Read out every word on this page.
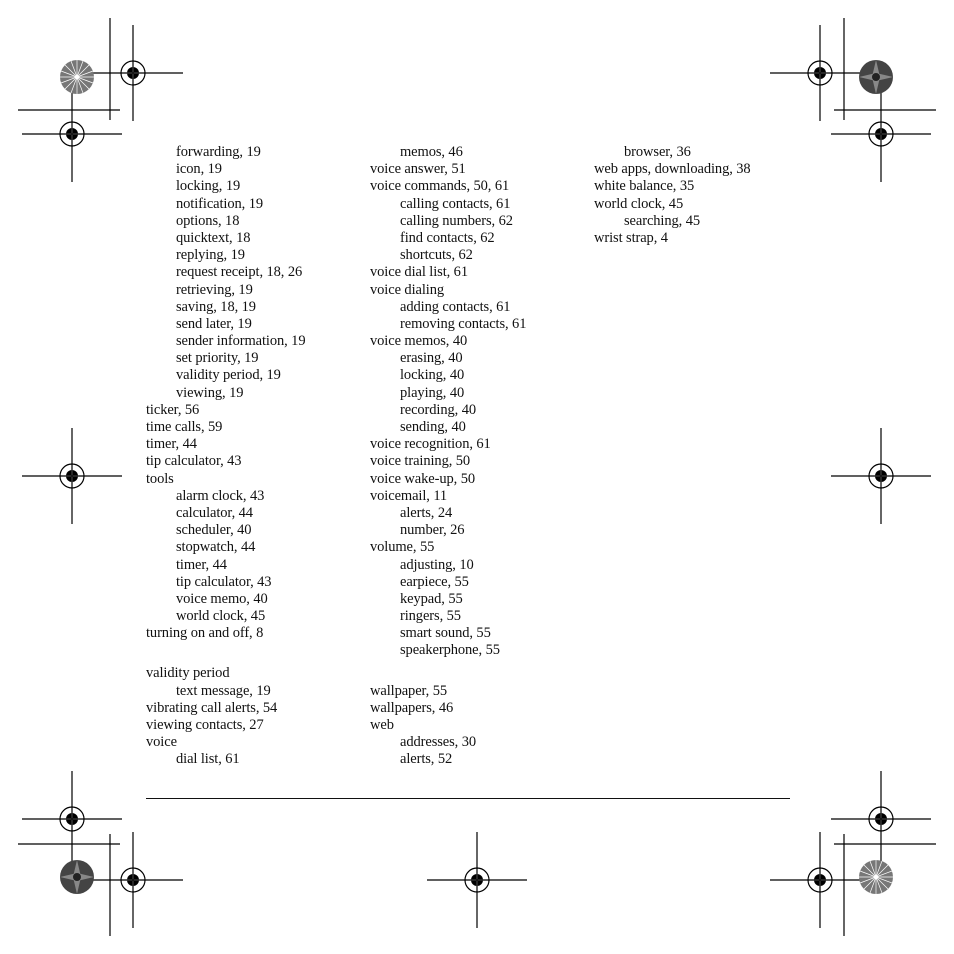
forwarding, 19
icon, 19
locking, 19
notification, 19
options, 18
quicktext, 18
replying, 19
request receipt, 18, 26
retrieving, 19
saving, 18, 19
send later, 19
sender information, 19
set priority, 19
validity period, 19
viewing, 19
ticker, 56
time calls, 59
timer, 44
tip calculator, 43
tools
alarm clock, 43
calculator, 44
scheduler, 40
stopwatch, 44
timer, 44
tip calculator, 43
voice memo, 40
world clock, 45
turning on and off, 8
validity period
text message, 19
vibrating call alerts, 54
viewing contacts, 27
voice
dial list, 61
memos, 46
voice answer, 51
voice commands, 50, 61
calling contacts, 61
calling numbers, 62
find contacts, 62
shortcuts, 62
voice dial list, 61
voice dialing
adding contacts, 61
removing contacts, 61
voice memos, 40
erasing, 40
locking, 40
playing, 40
recording, 40
sending, 40
voice recognition, 61
voice training, 50
voice wake-up, 50
voicemail, 11
alerts, 24
number, 26
volume, 55
adjusting, 10
earpiece, 55
keypad, 55
ringers, 55
smart sound, 55
speakerphone, 55
wallpaper, 55
wallpapers, 46
web
addresses, 30
alerts, 52
browser, 36
web apps, downloading, 38
white balance, 35
world clock, 45
searching, 45
wrist strap, 4
